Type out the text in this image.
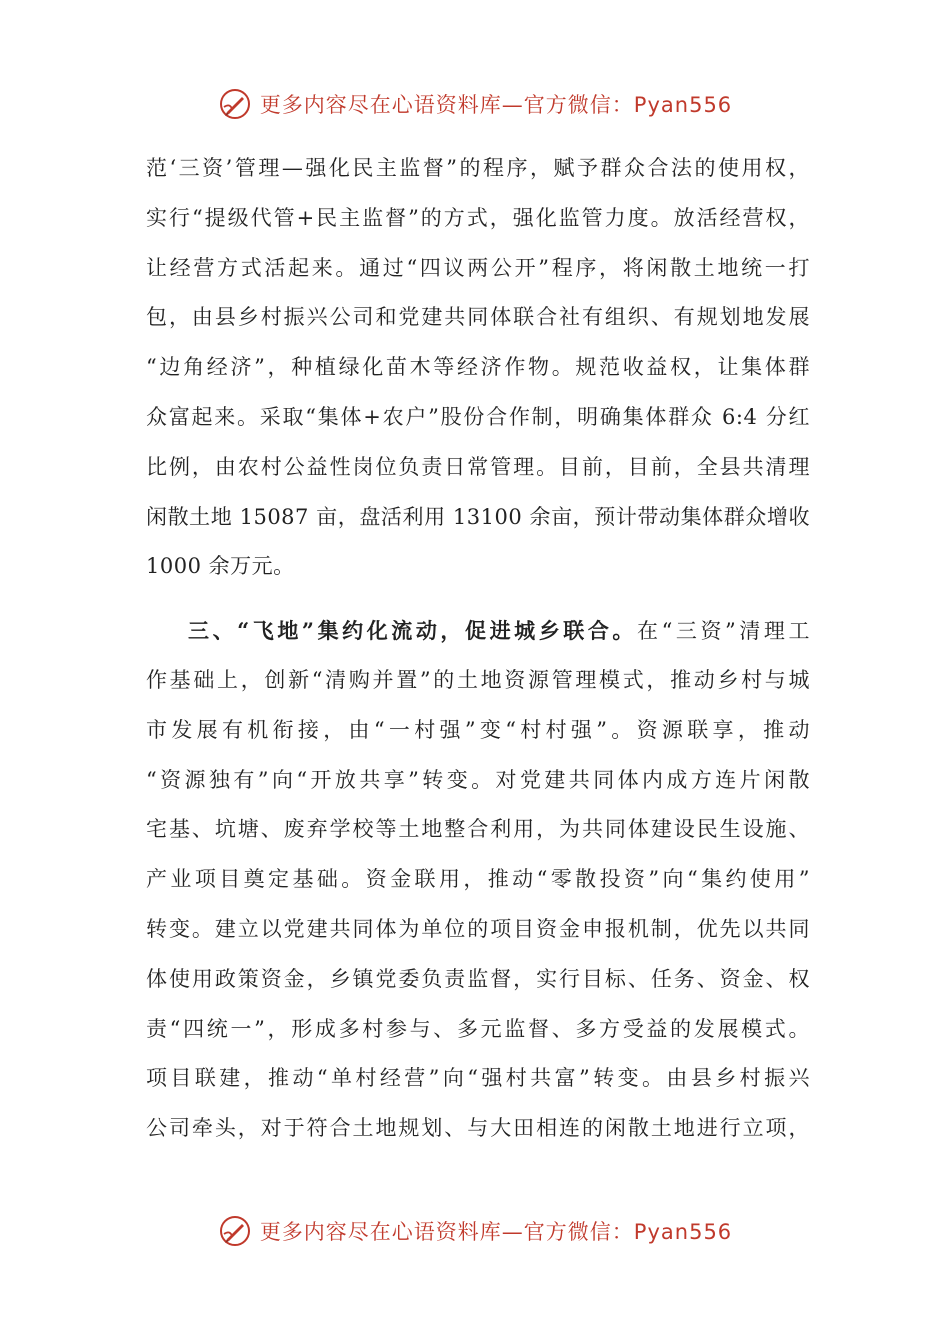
更多内容尽在心语资料库—官方微信：Pyan556
范‘三资’管理—强化民主监督”的程序，赋予群众合法的使用权，
实行“提级代管+民主监督”的方式，强化监管力度。放活经营权，
让经营方式活起来。通过“四议两公开”程序，将闲散土地统一打
包，由县乡村振兴公司和党建共同体联合社有组织、有规划地发展
“边角经济”，种植绿化苗木等经济作物。规范收益权，让集体群
众富起来。采取“集体+农户”股份合作制，明确集体群众 6:4 分红
比例，由农村公益性岗位负责日常管理。目前，目前，全县共清理
闲散土地 15087 亩，盘活利用 13100 余亩，预计带动集体群众增收
1000 余万元。
三、“飞地”集约化流动，促进城乡联合。在“三资”清理工
作基础上，创新“清购并置”的土地资源管理模式，推动乡村与城
市发展有机衔接，由“一村强”变“村村强”。资源联享，推动
“资源独有”向“开放共享”转变。对党建共同体内成方连片闲散
宅基、坑塘、废弃学校等土地整合利用，为共同体建设民生设施、
产业项目奠定基础。资金联用，推动“零散投资”向“集约使用”
转变。建立以党建共同体为单位的项目资金申报机制，优先以共同
体使用政策资金，乡镇党委负责监督，实行目标、任务、资金、权
责“四统一”，形成多村参与、多元监督、多方受益的发展模式。
项目联建，推动“单村经营”向“强村共富”转变。由县乡村振兴
公司牵头，对于符合土地规划、与大田相连的闲散土地进行立项，
更多内容尽在心语资料库—官方微信：Pyan556
